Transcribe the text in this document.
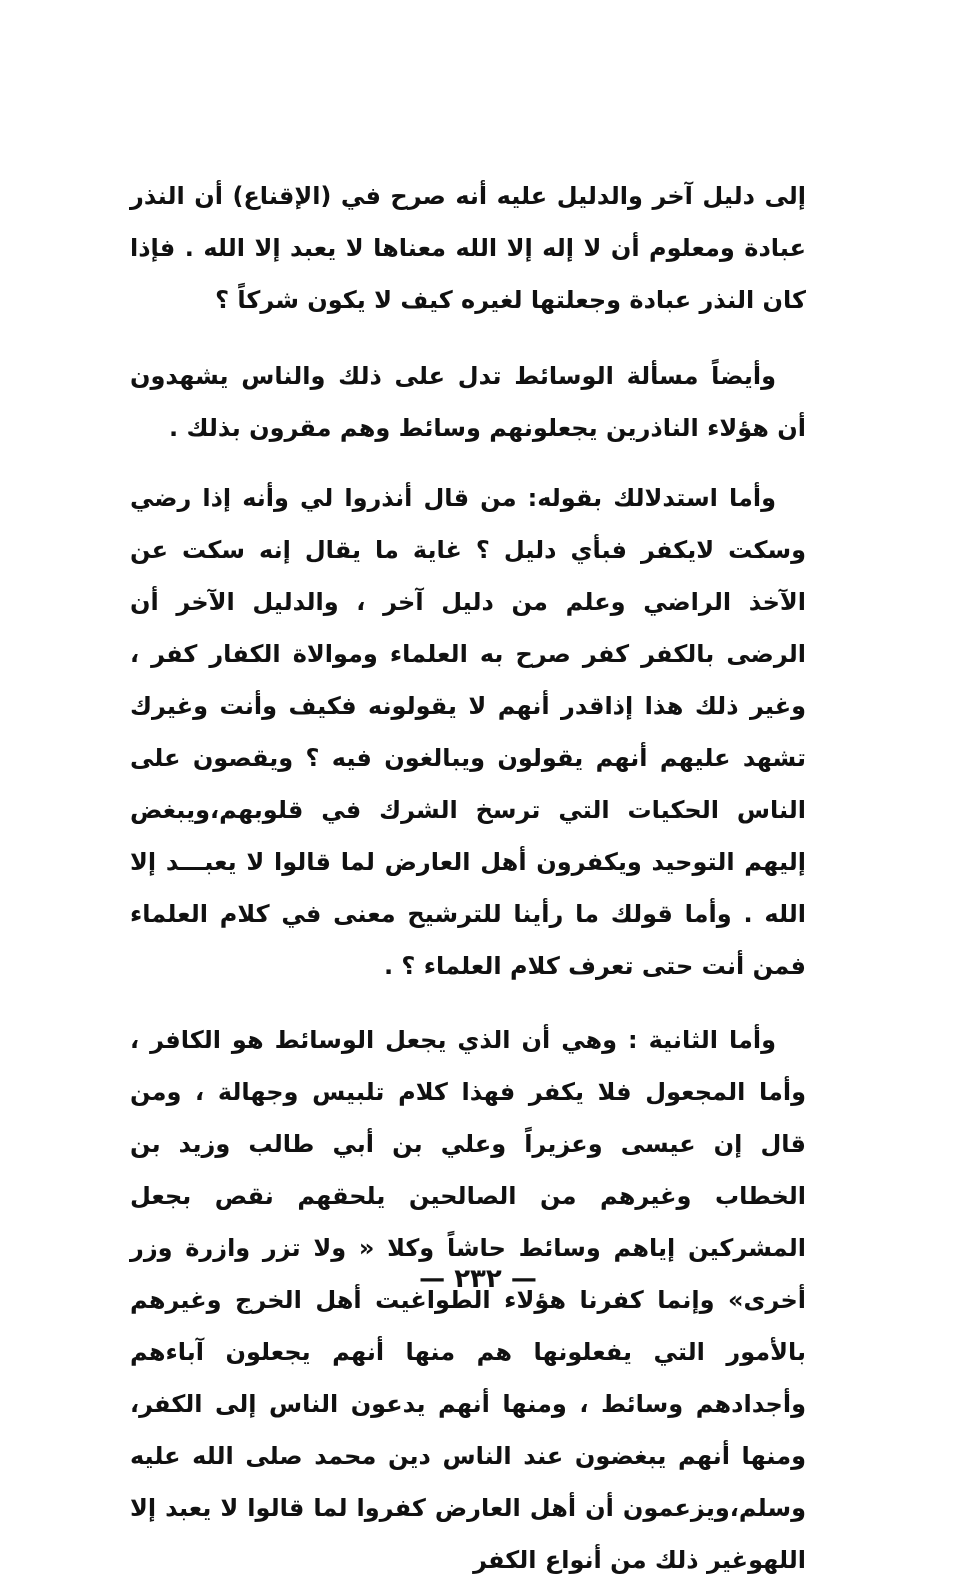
إلى دليل آخر والدليل عليه أنه صرح في (الإقناع) أن النذر عبادة ومعلوم أن لا إله إلا الله معناها لا يعبد إلا الله . فإذا كان النذر عبادة وجعلتها لغيره كيف لا يكون شركاً ؟

وأيضاً مسألة الوسائط تدل على ذلك والناس يشهدون أن هؤلاء الناذرين يجعلونهم وسائط وهم مقرون بذلك .

وأما استدلالك بقوله: من قال أنذروا لي وأنه إذا رضي وسكت لايكفر فبأي دليل ؟ غاية ما يقال إنه سكت عن الآخذ الراضي وعلم من دليل آخر ، والدليل الآخر أن الرضى بالكفر كفر صرح به العلماء وموالاة الكفار كفر ، وغير ذلك هذا إذاقدر أنهم لا يقولونه فكيف وأنت وغيرك تشهد عليهم أنهم يقولون ويبالغون فيه ؟ ويقصون على الناس الحكيات التي ترسخ الشرك في قلوبهم،ويبغض إليهم التوحيد ويكفرون أهل العارض لما قالوا لا يعبـــد إلا الله . وأما قولك ما رأينا للترشيح معنى في كلام العلماء فمن أنت حتى تعرف كلام العلماء ؟ .

وأما الثانية : وهي أن الذي يجعل الوسائط هو الكافر ، وأما المجعول فلا يكفر فهذا كلام تلبيس وجهالة ، ومن قال إن عيسى وعزيراً وعلي بن أبي طالب وزيد بن الخطاب وغيرهم من الصالحين يلحقهم نقص بجعل المشركين إياهم وسائط حاشاً وكلا « ولا تزر وازرة وزر أخرى» وإنما كفرنا هؤلاء الطواغيت أهل الخرج وغيرهم بالأمور التي يفعلونها هم منها أنهم يجعلون آباءهم وأجدادهم وسائط ، ومنها أنهم يدعون الناس إلى الكفر، ومنها أنهم يبغضون عند الناس دين محمد صلى الله عليه وسلم،ويزعمون أن أهل العارض كفروا لما قالوا لا يعبد إلا اللهوغير ذلك من أنواع الكفر

— ٢٣٢ —
